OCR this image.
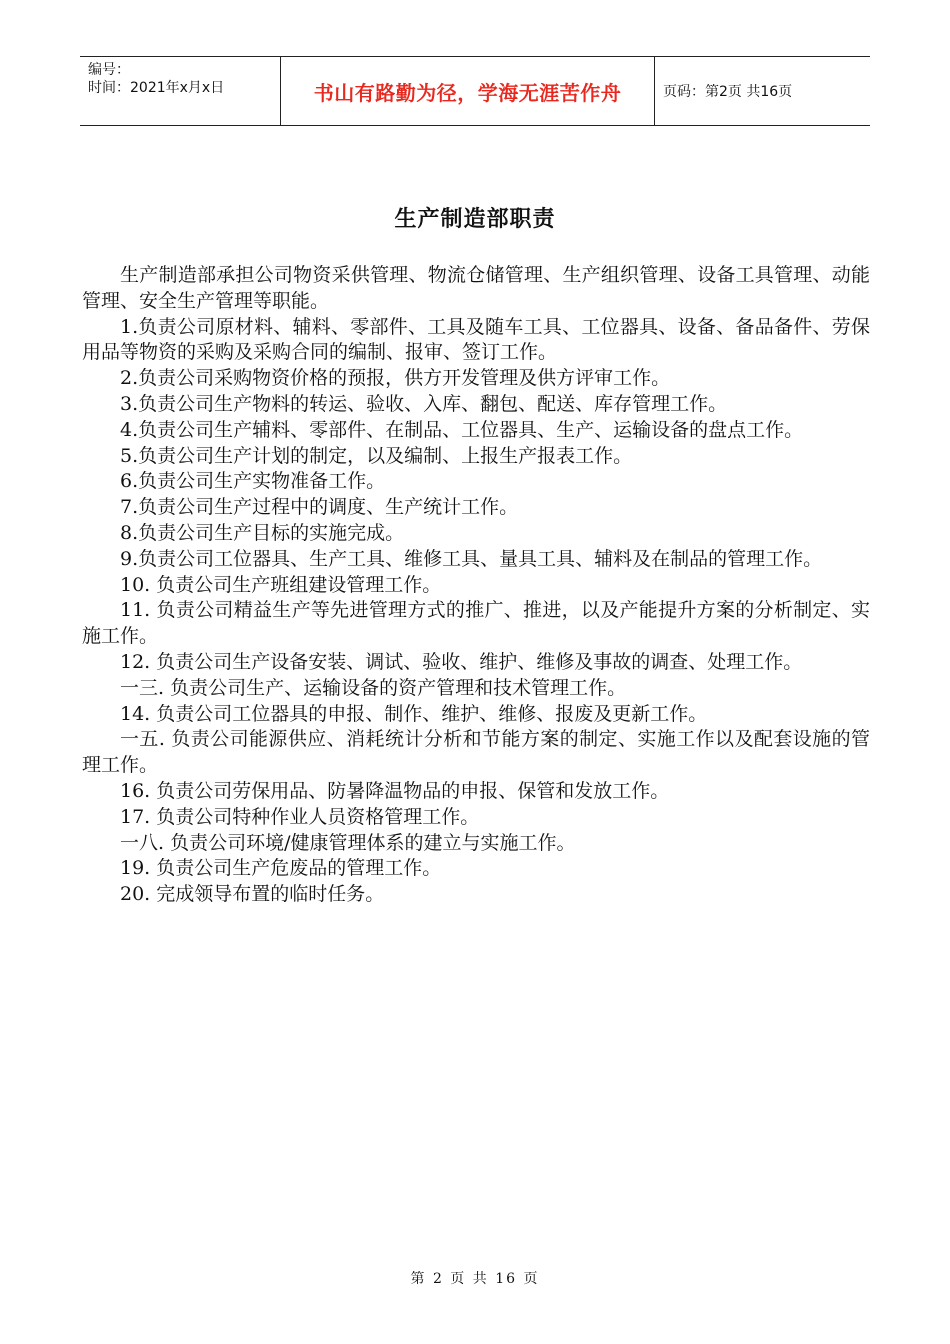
编号：
时间：2021年x月x日	书山有路勤为径，学海无涯苦作舟	页码：第2页 共16页
生产制造部职责

生产制造部承担公司物资采供管理、物流仓储管理、生产组织管理、设备工具管理、动能管理、安全生产管理等职能。

1.负责公司原材料、辅料、零部件、工具及随车工具、工位器具、设备、备品备件、劳保用品等物资的采购及采购合同的编制、报审、签订工作。

2.负责公司采购物资价格的预报，供方开发管理及供方评审工作。

3.负责公司生产物料的转运、验收、入库、翻包、配送、库存管理工作。

4.负责公司生产辅料、零部件、在制品、工位器具、生产、运输设备的盘点工作。

5.负责公司生产计划的制定，以及编制、上报生产报表工作。

6.负责公司生产实物准备工作。

7.负责公司生产过程中的调度、生产统计工作。

8.负责公司生产目标的实施完成。

9.负责公司工位器具、生产工具、维修工具、量具工具、辅料及在制品的管理工作。

10. 负责公司生产班组建设管理工作。

11. 负责公司精益生产等先进管理方式的推广、推进，以及产能提升方案的分析制定、实施工作。

12. 负责公司生产设备安装、调试、验收、维护、维修及事故的调查、处理工作。

一三. 负责公司生产、运输设备的资产管理和技术管理工作。

14. 负责公司工位器具的申报、制作、维护、维修、报废及更新工作。

一五. 负责公司能源供应、消耗统计分析和节能方案的制定、实施工作以及配套设施的管理工作。

16. 负责公司劳保用品、防暑降温物品的申报、保管和发放工作。

17. 负责公司特种作业人员资格管理工作。

一八. 负责公司环境/健康管理体系的建立与实施工作。

19. 负责公司生产危废品的管理工作。

20. 完成领导布置的临时任务。

第 2 页 共 16 页
